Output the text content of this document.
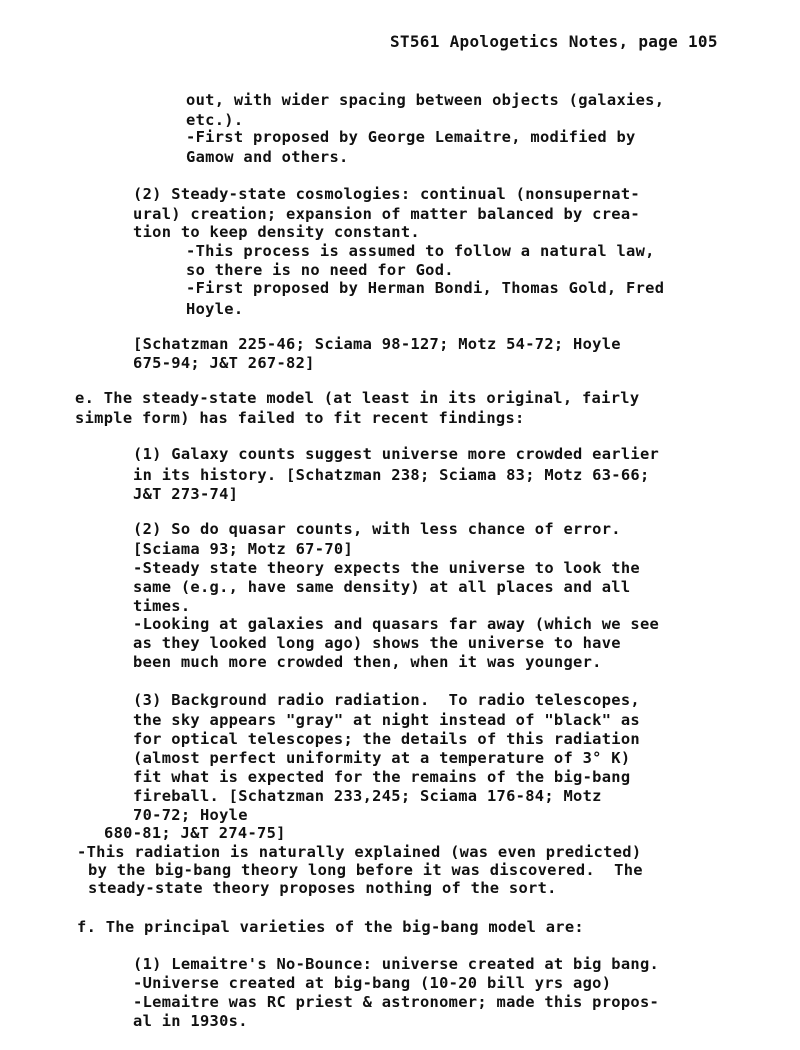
ST561 Apologetics Notes, page 105
out, with wider spacing between objects (galaxies,
etc.).
-First proposed by George Lemaitre, modified by
Gamow and others.
(2) Steady-state cosmologies: continual (nonsupernat-
ural) creation; expansion of matter balanced by crea-
tion to keep density constant.
-This process is assumed to follow a natural law,
so there is no need for God.
-First proposed by Herman Bondi, Thomas Gold, Fred
Hoyle.
[Schatzman 225-46; Sciama 98-127; Motz 54-72; Hoyle
675-94; J&T 267-82]
e. The steady-state model (at least in its original, fairly
simple form) has failed to fit recent findings:
(1) Galaxy counts suggest universe more crowded earlier
in its history. [Schatzman 238; Sciama 83; Motz 63-66;
J&T 273-74]
(2) So do quasar counts, with less chance of error.
[Sciama 93; Motz 67-70]
-Steady state theory expects the universe to look the
same (e.g., have same density) at all places and all
times.
-Looking at galaxies and quasars far away (which we see
as they looked long ago) shows the universe to have
been much more crowded then, when it was younger.
(3) Background radio radiation.  To radio telescopes,
the sky appears "gray" at night instead of "black" as
for optical telescopes; the details of this radiation
(almost perfect uniformity at a temperature of 3° K)
fit what is expected for the remains of the big-bang
fireball. [Schatzman 233,245; Sciama 176-84; Motz
70-72; Hoyle
680-81; J&T 274-75]
-This radiation is naturally explained (was even predicted)
by the big-bang theory long before it was discovered.  The
steady-state theory proposes nothing of the sort.
f. The principal varieties of the big-bang model are:
(1) Lemaitre's No-Bounce: universe created at big bang.
-Universe created at big-bang (10-20 bill yrs ago)
-Lemaitre was RC priest & astronomer; made this propos-
al in 1930s.
